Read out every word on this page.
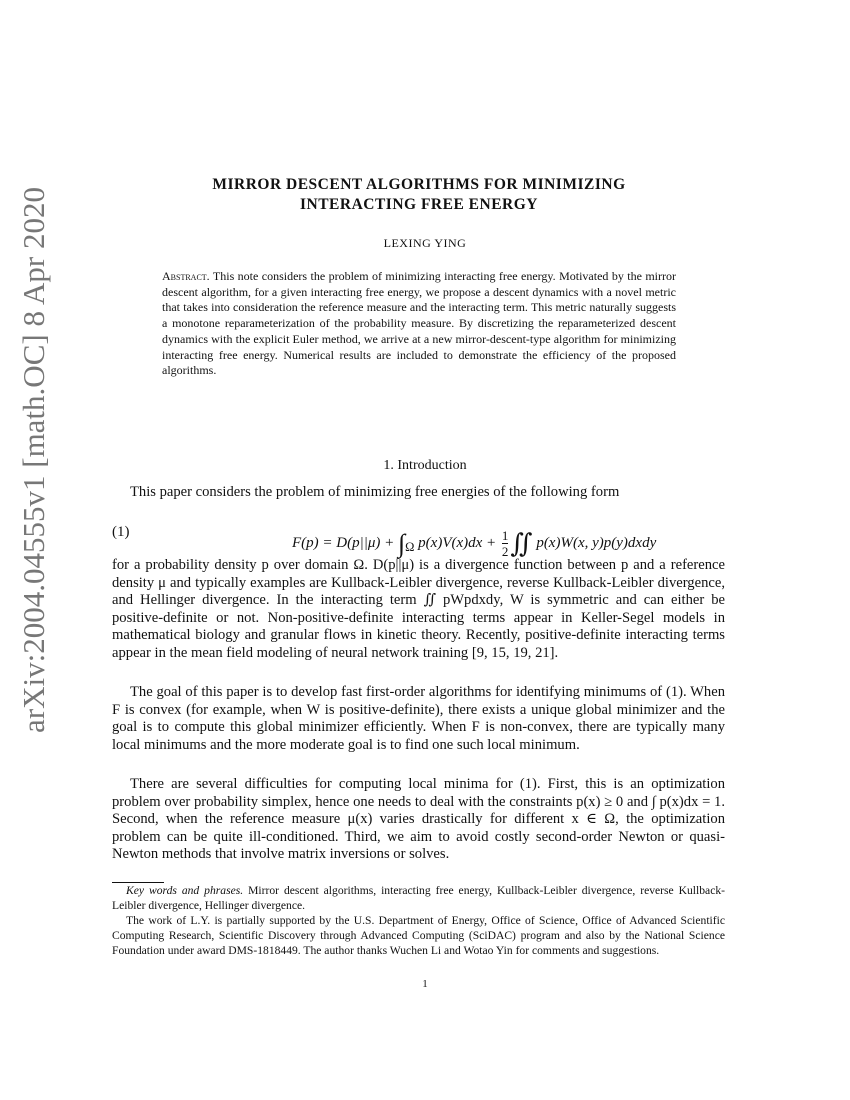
arXiv:2004.04555v1 [math.OC] 8 Apr 2020
MIRROR DESCENT ALGORITHMS FOR MINIMIZING
INTERACTING FREE ENERGY
LEXING YING
Abstract. This note considers the problem of minimizing interacting free energy. Motivated by the mirror descent algorithm, for a given interacting free energy, we propose a descent dynamics with a novel metric that takes into consideration the reference measure and the interacting term. This metric naturally suggests a monotone reparameterization of the probability measure. By discretizing the reparameterized descent dynamics with the explicit Euler method, we arrive at a new mirror-descent-type algorithm for minimizing interacting free energy. Numerical results are included to demonstrate the efficiency of the proposed algorithms.
1. Introduction
This paper considers the problem of minimizing free energies of the following form
(1)
$F(p) = D(p||\mu) + \int_\Omega$ $p(x)V(x)dx + \frac{1}{2}$ ∬ p(x)W(x, y)p(y)dxdy
for a probability density p over domain Ω. D(p||μ) is a divergence function between p and a reference density μ and typically examples are Kullback-Leibler divergence, reverse Kullback-Leibler divergence, and Hellinger divergence. In the interacting term ∬ pWpdxdy, W is symmetric and can either be positive-definite or not. Non-positive-definite interacting terms appear in Keller-Segel models in mathematical biology and granular flows in kinetic theory. Recently, positive-definite interacting terms appear in the mean field modeling of neural network training [9, 15, 19, 21].
The goal of this paper is to develop fast first-order algorithms for identifying minimums of (1). When F is convex (for example, when W is positive-definite), there exists a unique global minimizer and the goal is to compute this global minimizer efficiently. When F is non-convex, there are typically many local minimums and the more moderate goal is to find one such local minimum.
There are several difficulties for computing local minima for (1). First, this is an optimization problem over probability simplex, hence one needs to deal with the constraints p(x) ≥ 0 and ∫ p(x)dx = 1. Second, when the reference measure μ(x) varies drastically for different x ∈ Ω, the optimization problem can be quite ill-conditioned. Third, we aim to avoid costly second-order Newton or quasi-Newton methods that involve matrix inversions or solves.
Key words and phrases. Mirror descent algorithms, interacting free energy, Kullback-Leibler divergence, reverse Kullback-Leibler divergence, Hellinger divergence.
The work of L.Y. is partially supported by the U.S. Department of Energy, Office of Science, Office of Advanced Scientific Computing Research, Scientific Discovery through Advanced Computing (SciDAC) program and also by the National Science Foundation under award DMS-1818449. The author thanks Wuchen Li and Wotao Yin for comments and suggestions.
1
